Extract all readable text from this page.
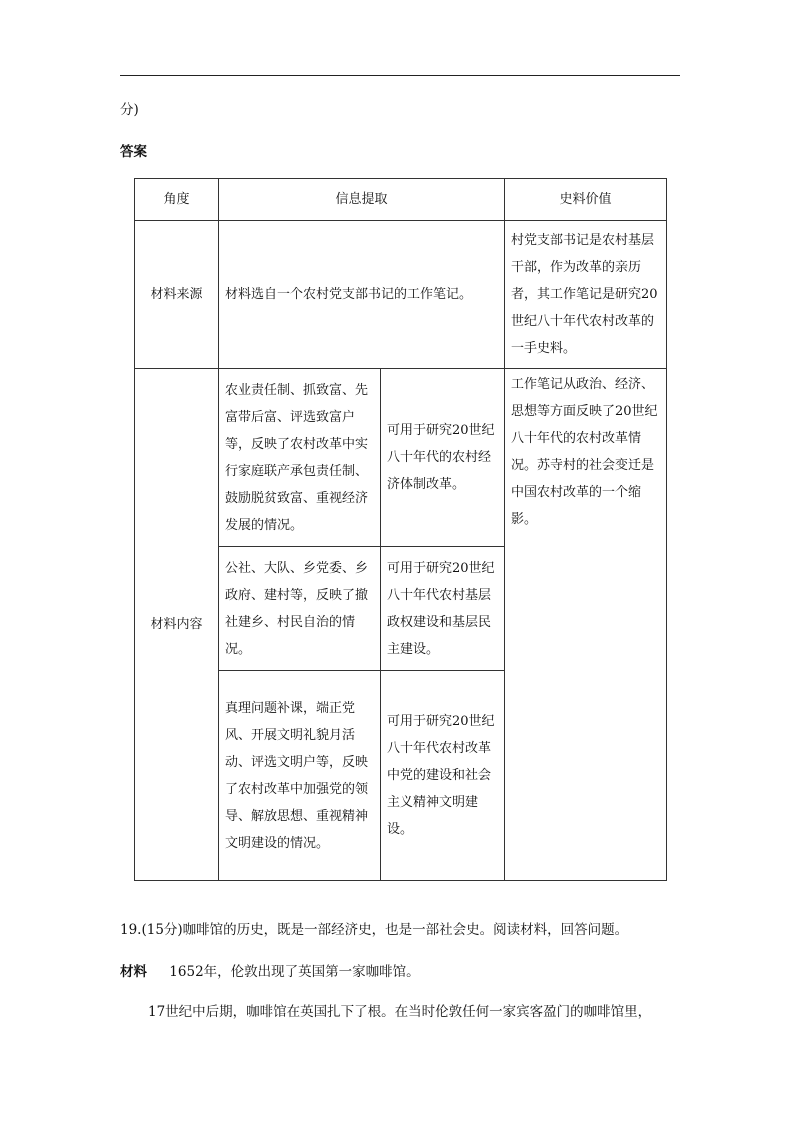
分)
答案
角度	信息提取		史料价值
材料来源	材料选自一个农村党支部书记的工作笔记。		村党支部书记是农村基层干部，作为改革的亲历者，其工作笔记是研究20世纪八十年代农村改革的一手史料。
材料内容	农业责任制、抓致富、先富带后富、评选致富户等，反映了农村改革中实行家庭联产承包责任制、鼓励脱贫致富、重视经济发展的情况。	可用于研究20世纪八十年代的农村经济体制改革。	工作笔记从政治、经济、思想等方面反映了20世纪八十年代的农村改革情况。苏寺村的社会变迁是中国农村改革的一个缩影。
	公社、大队、乡党委、乡政府、建村等，反映了撤社建乡、村民自治的情况。	可用于研究20世纪八十年代农村基层政权建设和基层民主建设。	
	真理问题补课，端正党风、开展文明礼貌月活动、评选文明户等，反映了农村改革中加强党的领导、解放思想、重视精神文明建设的情况。	可用于研究20世纪八十年代农村改革中党的建设和社会主义精神文明建设。	
19.(15分)咖啡馆的历史，既是一部经济史，也是一部社会史。阅读材料，回答问题。
材料 1652年，伦敦出现了英国第一家咖啡馆。
17世纪中后期，咖啡馆在英国扎下了根。在当时伦敦任何一家宾客盈门的咖啡馆里，
